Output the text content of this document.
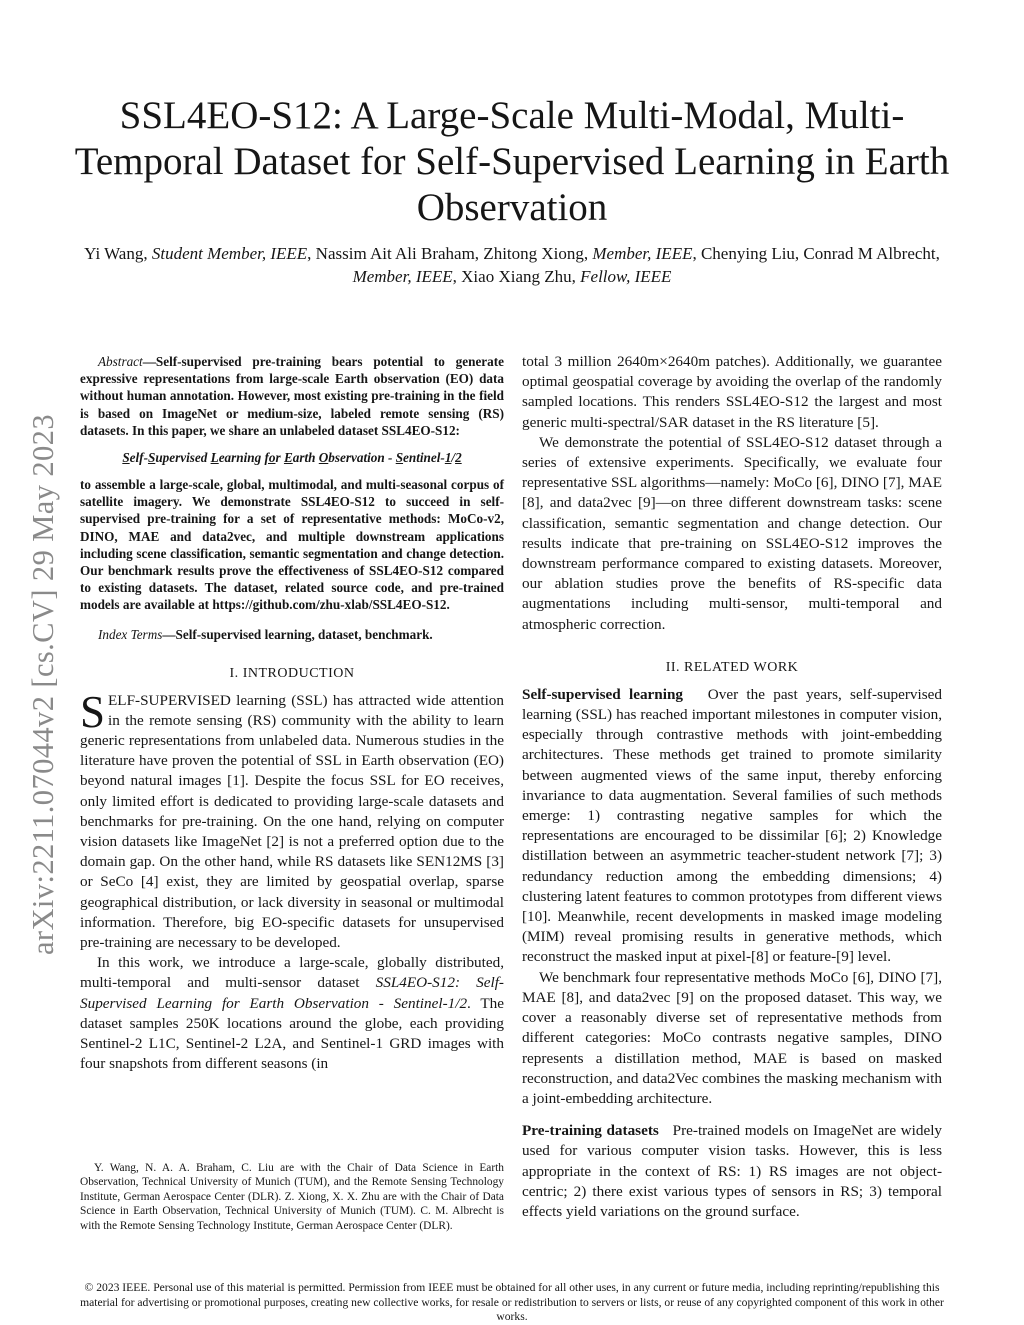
arXiv:2211.07044v2 [cs.CV] 29 May 2023
SSL4EO-S12: A Large-Scale Multi-Modal, Multi-Temporal Dataset for Self-Supervised Learning in Earth Observation
Yi Wang, Student Member, IEEE, Nassim Ait Ali Braham, Zhitong Xiong, Member, IEEE, Chenying Liu, Conrad M Albrecht, Member, IEEE, Xiao Xiang Zhu, Fellow, IEEE

Abstract—Self-supervised pre-training bears potential to generate expressive representations from large-scale Earth observation (EO) data without human annotation. However, most existing pre-training in the field is based on ImageNet or medium-size, labeled remote sensing (RS) datasets. In this paper, we share an unlabeled dataset SSL4EO-S12:

Self-Supervised Learning for Earth Observation - Sentinel-1/2

to assemble a large-scale, global, multimodal, and multi-seasonal corpus of satellite imagery. We demonstrate SSL4EO-S12 to succeed in self-supervised pre-training for a set of representative methods: MoCo-v2, DINO, MAE and data2vec, and multiple downstream applications including scene classification, semantic segmentation and change detection. Our benchmark results prove the effectiveness of SSL4EO-S12 compared to existing datasets. The dataset, related source code, and pre-trained models are available at https://github.com/zhu-xlab/SSL4EO-S12.

Index Terms—Self-supervised learning, dataset, benchmark.

I. INTRODUCTION

SELF-SUPERVISED learning (SSL) has attracted wide attention in the remote sensing (RS) community with the ability to learn generic representations from unlabeled data. Numerous studies in the literature have proven the potential of SSL in Earth observation (EO) beyond natural images [1]. Despite the focus SSL for EO receives, only limited effort is dedicated to providing large-scale datasets and benchmarks for pre-training. On the one hand, relying on computer vision datasets like ImageNet [2] is not a preferred option due to the domain gap. On the other hand, while RS datasets like SEN12MS [3] or SeCo [4] exist, they are limited by geospatial overlap, sparse geographical distribution, or lack diversity in seasonal or multimodal information. Therefore, big EO-specific datasets for unsupervised pre-training are necessary to be developed.

In this work, we introduce a large-scale, globally distributed, multi-temporal and multi-sensor dataset SSL4EO-S12: Self-Supervised Learning for Earth Observation - Sentinel-1/2. The dataset samples 250K locations around the globe, each providing Sentinel-2 L1C, Sentinel-2 L2A, and Sentinel-1 GRD images with four snapshots from different seasons (in

Y. Wang, N. A. A. Braham, C. Liu are with the Chair of Data Science in Earth Observation, Technical University of Munich (TUM), and the Remote Sensing Technology Institute, German Aerospace Center (DLR). Z. Xiong, X. X. Zhu are with the Chair of Data Science in Earth Observation, Technical University of Munich (TUM). C. M. Albrecht is with the Remote Sensing Technology Institute, German Aerospace Center (DLR).

total 3 million 2640m×2640m patches). Additionally, we guarantee optimal geospatial coverage by avoiding the overlap of the randomly sampled locations. This renders SSL4EO-S12 the largest and most generic multi-spectral/SAR dataset in the RS literature [5].

We demonstrate the potential of SSL4EO-S12 dataset through a series of extensive experiments. Specifically, we evaluate four representative SSL algorithms—namely: MoCo [6], DINO [7], MAE [8], and data2vec [9]—on three different downstream tasks: scene classification, semantic segmentation and change detection. Our results indicate that pre-training on SSL4EO-S12 improves the downstream performance compared to existing datasets. Moreover, our ablation studies prove the benefits of RS-specific data augmentations including multi-sensor, multi-temporal and atmospheric correction.

II. RELATED WORK

Self-supervised learning Over the past years, self-supervised learning (SSL) has reached important milestones in computer vision, especially through contrastive methods with joint-embedding architectures. These methods get trained to promote similarity between augmented views of the same input, thereby enforcing invariance to data augmentation. Several families of such methods emerge: 1) contrasting negative samples for which the representations are encouraged to be dissimilar [6]; 2) Knowledge distillation between an asymmetric teacher-student network [7]; 3) redundancy reduction among the embedding dimensions; 4) clustering latent features to common prototypes from different views [10]. Meanwhile, recent developments in masked image modeling (MIM) reveal promising results in generative methods, which reconstruct the masked input at pixel-[8] or feature-[9] level.

We benchmark four representative methods MoCo [6], DINO [7], MAE [8], and data2vec [9] on the proposed dataset. This way, we cover a reasonably diverse set of representative methods from different categories: MoCo contrasts negative samples, DINO represents a distillation method, MAE is based on masked reconstruction, and data2Vec combines the masking mechanism with a joint-embedding architecture.

Pre-training datasets Pre-trained models on ImageNet are widely used for various computer vision tasks. However, this is less appropriate in the context of RS: 1) RS images are not object-centric; 2) there exist various types of sensors in RS; 3) temporal effects yield variations on the ground surface.

© 2023 IEEE. Personal use of this material is permitted. Permission from IEEE must be obtained for all other uses, in any current or future media, including reprinting/republishing this material for advertising or promotional purposes, creating new collective works, for resale or redistribution to servers or lists, or reuse of any copyrighted component of this work in other works.
